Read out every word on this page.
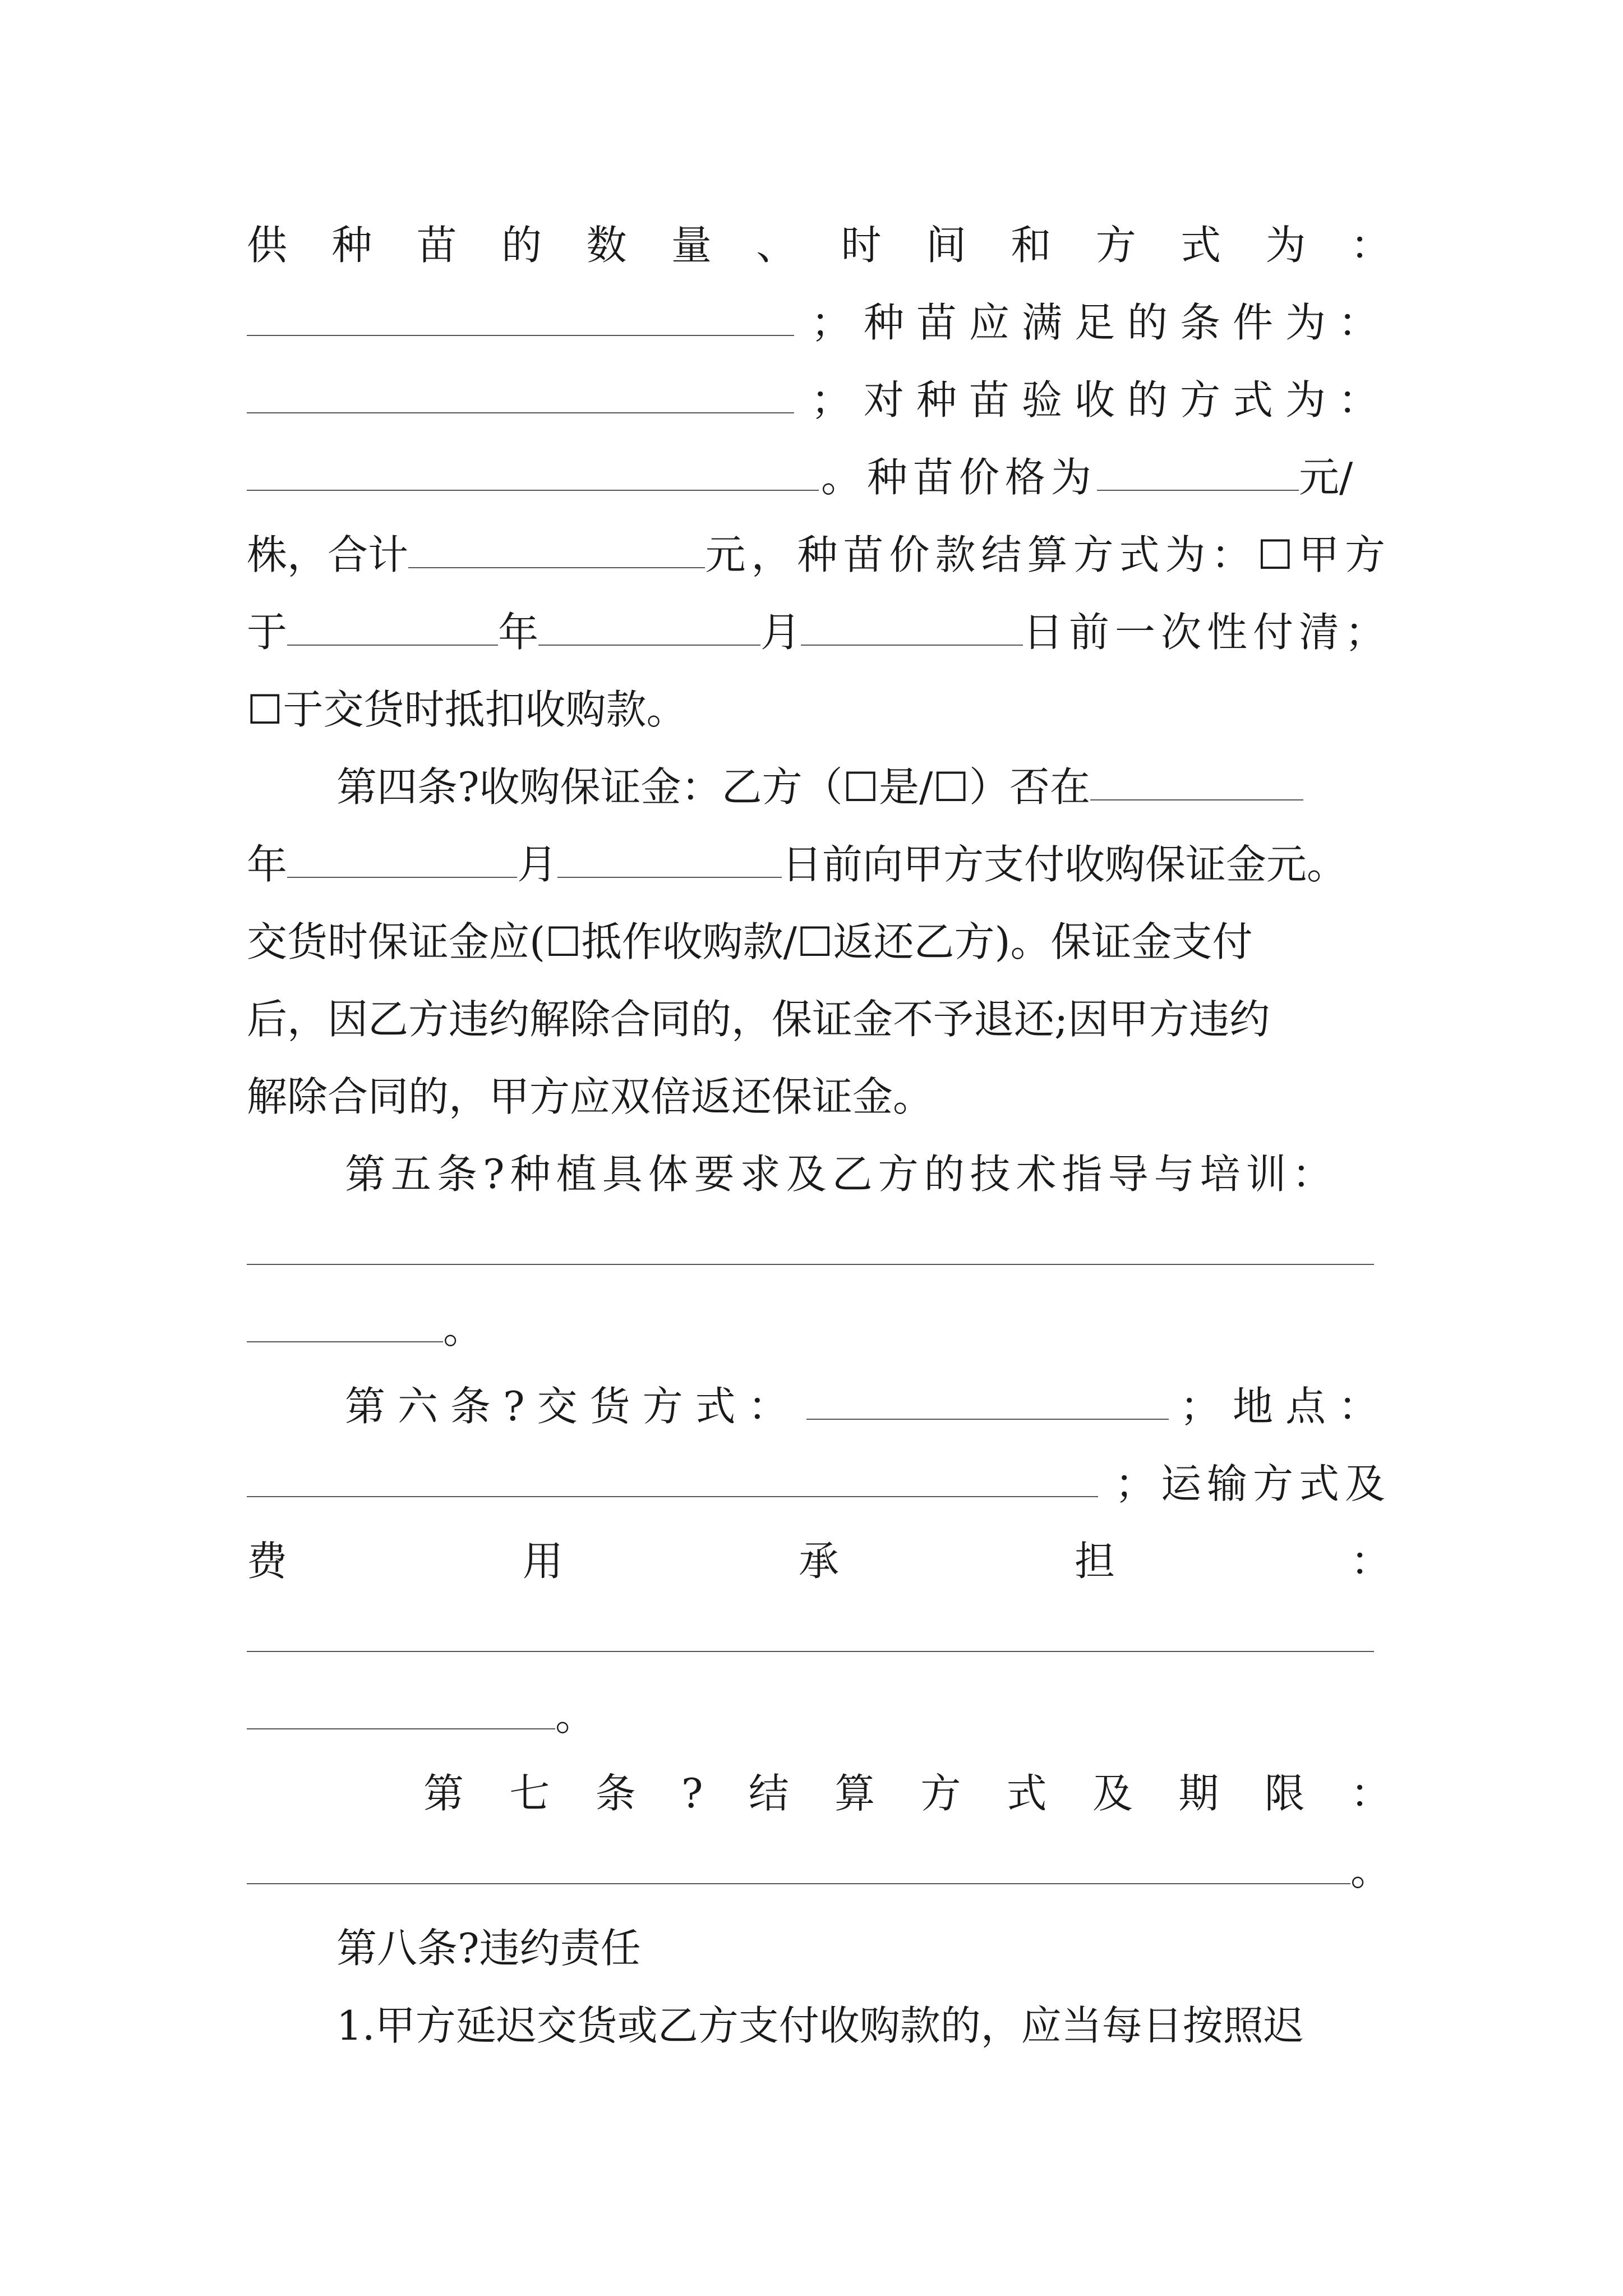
供 种 苗 的 数 量 、 时 间 和 方 式 为 ：
；种苗应满足的条件为：
；对种苗验收的方式为：
。种苗价格为	元/
株，合计	元，种苗价款结算方式为：☐甲方
于	年	月	日前一次性付清；
☐于交货时抵扣收购款。
第四条?收购保证金：乙方（☐是/☐）否在
年	月	日前向甲方支付收购保证金元。
交货时保证金应(☐抵作收购款/☐返还乙方)。保证金支付
后，因乙方违约解除合同的，保证金不予退还;因甲方违约
解除合同的，甲方应双倍返还保证金。
第五条?种植具体要求及乙方的技术指导与培训：
。
第六条?交货方式：	；地点：
；运输方式及
费	用	承	担	：
。
第 七 条 ? 结 算 方 式 及 期 限 ：
。
第八条?违约责任
1.甲方延迟交货或乙方支付收购款的，应当每日按照迟
